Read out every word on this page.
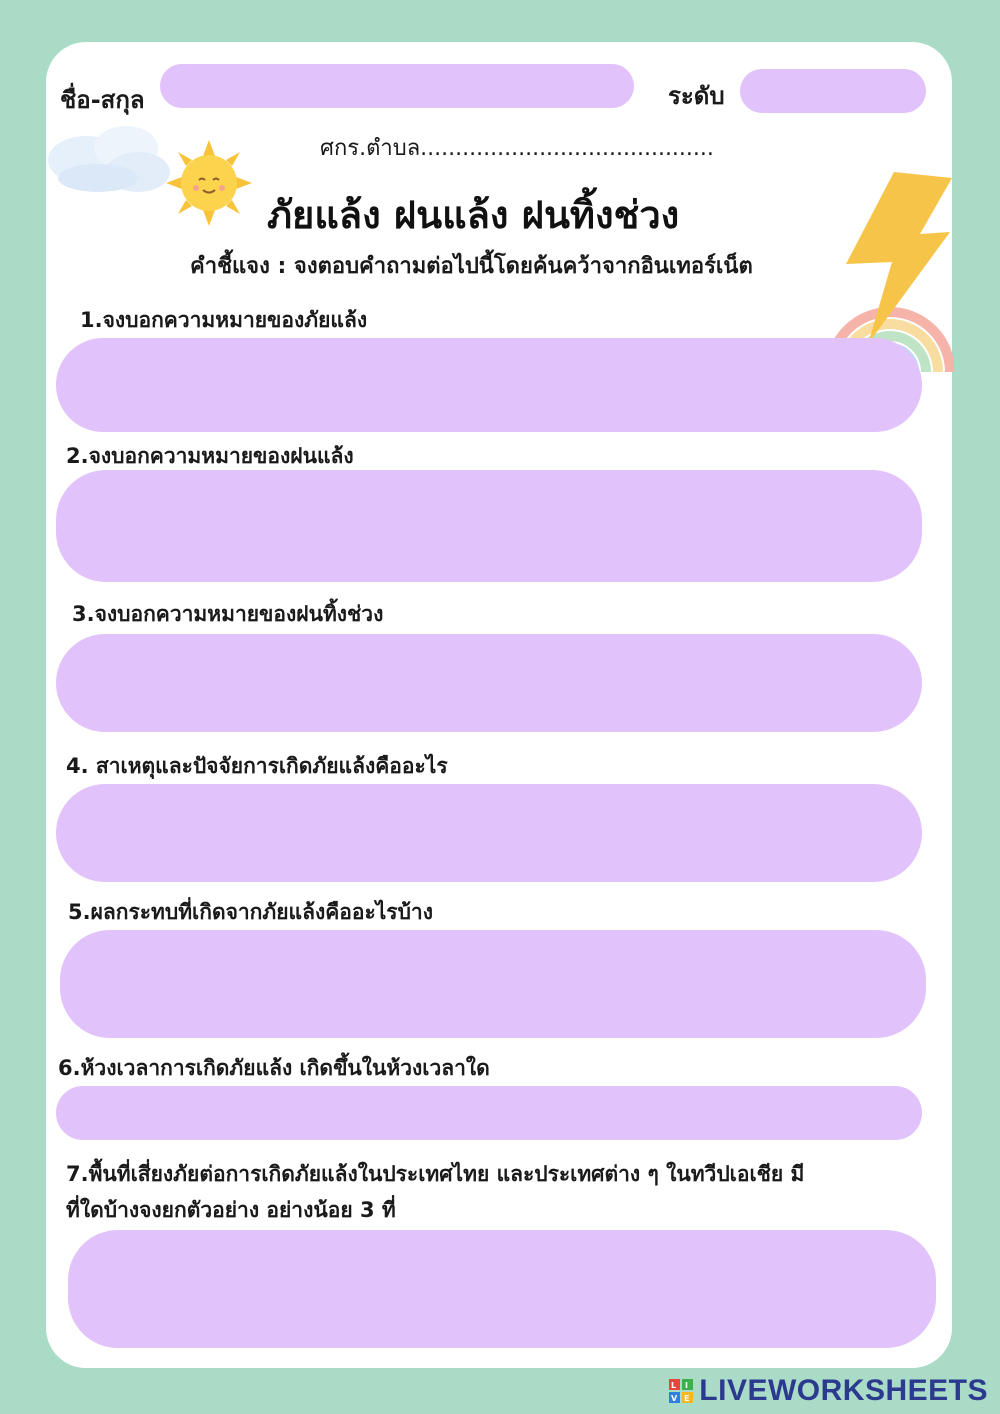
ชื่อ-สกุล	ระดับ
ศกร.ตำบล..........................................
ภัยแล้ง ฝนแล้ง ฝนทิ้งช่วง
คำชี้แจง : จงตอบคำถามต่อไปนี้โดยค้นคว้าจากอินเทอร์เน็ต
1.จงบอกความหมายของภัยแล้ง
2.จงบอกความหมายของฝนแล้ง
3.จงบอกความหมายของฝนทิ้งช่วง
4. สาเหตุและปัจจัยการเกิดภัยแล้งคืออะไร
5.ผลกระทบที่เกิดจากภัยแล้งคืออะไรบ้าง
6.ห้วงเวลาการเกิดภัยแล้ง เกิดขึ้นในห้วงเวลาใด
7.พื้นที่เสี่ยงภัยต่อการเกิดภัยแล้งในประเทศไทย และประเทศต่าง ๆ ในทวีปเอเชีย มี
ที่ใดบ้างจงยกตัวอย่าง อย่างน้อย 3 ที่
L I
V E LIVEWORKSHEETS
